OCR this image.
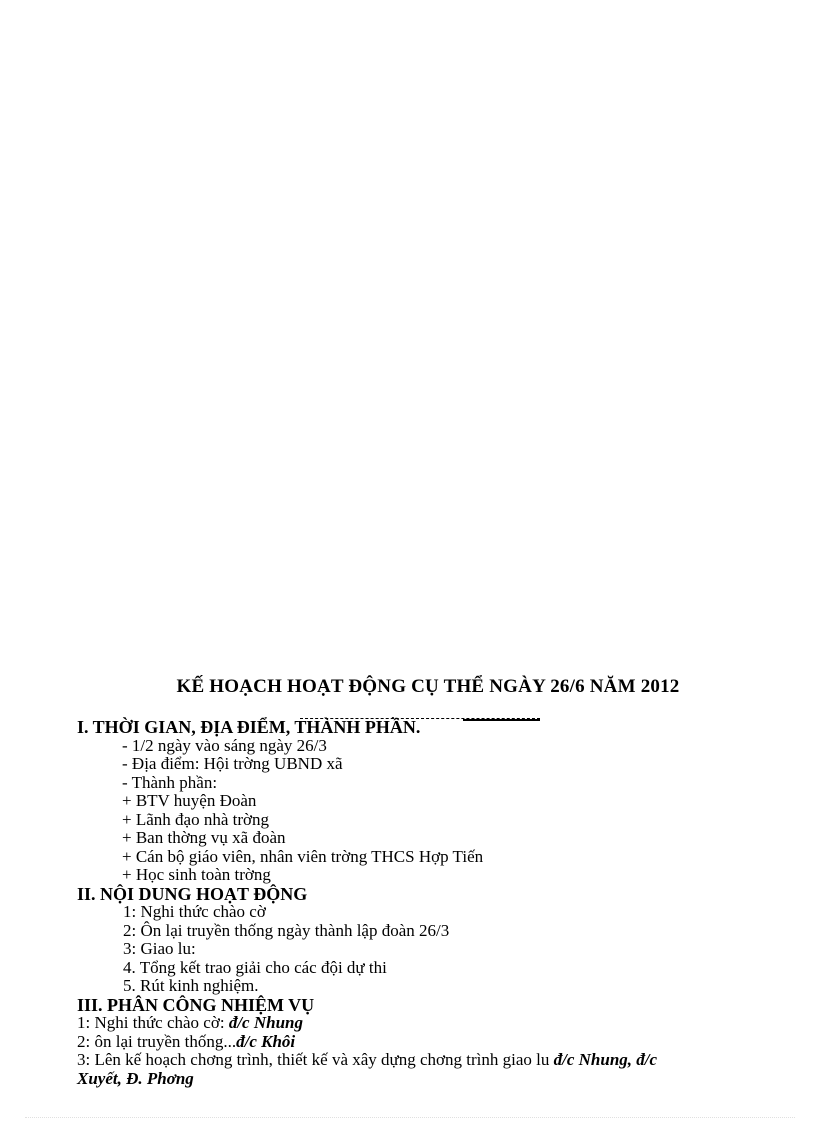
KẾ HOẠCH HOẠT ĐỘNG CỤ THỂ NGÀY 26/6 NĂM 2012
I. THỜI GIAN, ĐỊA ĐIỂM, THÀNH PHẦN.
- 1/2 ngày vào sáng ngày 26/3
- Địa điểm: Hội trờng UBND xã
- Thành phần:
+ BTV huyện Đoàn
+ Lãnh đạo nhà trờng
+ Ban thờng vụ xã đoàn
+ Cán bộ giáo viên, nhân viên trờng THCS Hợp Tiến
+ Học sinh toàn trờng
II. NỘI DUNG HOẠT ĐỘNG
1: Nghi thức chào cờ
2: Ôn lại truyền thống ngày thành lập đoàn 26/3
3: Giao lu:
4. Tổng kết trao giải cho các đội dự thi
5. Rút kinh nghiệm.
III. PHÂN CÔNG NHIỆM VỤ
1: Nghi thức chào cờ: đ/c Nhung
2: ôn lại truyền thống...đ/c Khôi
3: Lên kế hoạch chơng trình, thiết kế và xây dựng chơng trình giao lu đ/c Nhung, đ/c
Xuyết, Đ. Phơng
